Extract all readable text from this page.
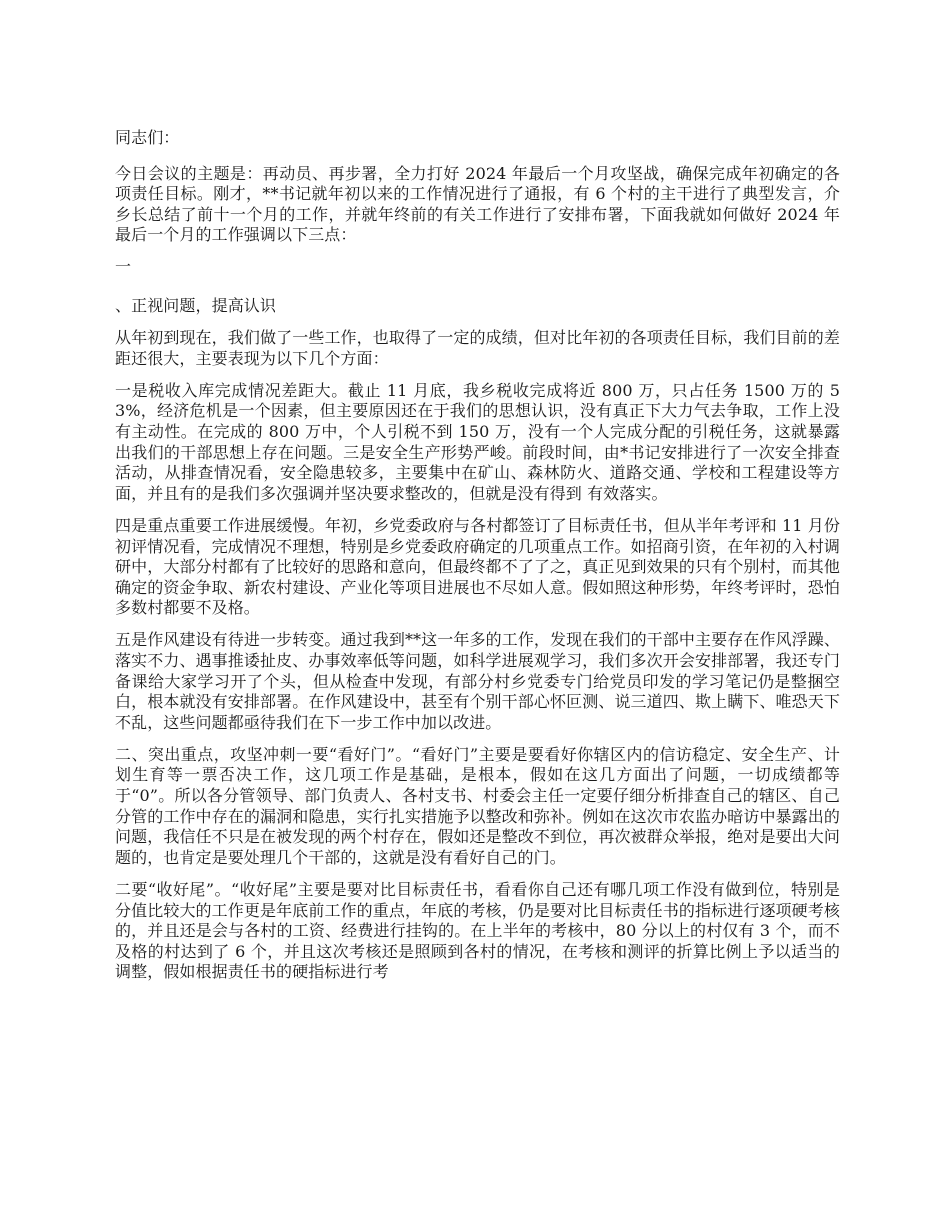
同志们：

今日会议的主题是：再动员、再步署，全力打好 2024 年最后一个月攻坚战，确保完成年初确定的各项责任目标。刚才，**书记就年初以来的工作情况进行了通报，有 6 个村的主干进行了典型发言，介乡长总结了前十一个月的工作，并就年终前的有关工作进行了安排布署，下面我就如何做好 2024 年最后一个月的工作强调以下三点：

一

、正视问题，提高认识

从年初到现在，我们做了一些工作，也取得了一定的成绩，但对比年初的各项责任目标，我们目前的差距还很大，主要表现为以下几个方面：

一是税收入库完成情况差距大。截止 11 月底，我乡税收完成将近 800 万，只占任务 1500 万的 53%，经济危机是一个因素，但主要原因还在于我们的思想认识，没有真正下大力气去争取，工作上没有主动性。在完成的 800 万中，个人引税不到 150 万，没有一个人完成分配的引税任务，这就暴露出我们的干部思想上存在问题。三是安全生产形势严峻。前段时间，由*书记安排进行了一次安全排查活动，从排查情况看，安全隐患较多，主要集中在矿山、森林防火、道路交通、学校和工程建设等方面，并且有的是我们多次强调并坚决要求整改的，但就是没有得到 有效落实。

四是重点重要工作进展缓慢。年初，乡党委政府与各村都签订了目标责任书，但从半年考评和 11 月份初评情况看，完成情况不理想，特别是乡党委政府确定的几项重点工作。如招商引资，在年初的入村调研中，大部分村都有了比较好的思路和意向，但最终都不了了之，真正见到效果的只有个别村，而其他确定的资金争取、新农村建设、产业化等项目进展也不尽如人意。假如照这种形势，年终考评时，恐怕多数村都要不及格。

五是作风建设有待进一步转变。通过我到**这一年多的工作，发现在我们的干部中主要存在作风浮躁、落实不力、遇事推诿扯皮、办事效率低等问题，如科学进展观学习，我们多次开会安排部署，我还专门备课给大家学习开了个头，但从检查中发现，有部分村乡党委专门给党员印发的学习笔记仍是整捆空白，根本就没有安排部署。在作风建设中，甚至有个别干部心怀叵测、说三道四、欺上瞒下、唯恐天下不乱，这些问题都亟待我们在下一步工作中加以改进。

二、突出重点，攻坚冲刺一要“看好门”。“看好门”主要是要看好你辖区内的信访稳定、安全生产、计划生育等一票否决工作，这几项工作是基础，是根本，假如在这几方面出了问题，一切成绩都等于“0”。所以各分管领导、部门负责人、各村支书、村委会主任一定要仔细分析排查自己的辖区、自己分管的工作中存在的漏洞和隐患，实行扎实措施予以整改和弥补。例如在这次市农监办暗访中暴露出的问题，我信任不只是在被发现的两个村存在，假如还是整改不到位，再次被群众举报，绝对是要出大问题的，也肯定是要处理几个干部的，这就是没有看好自己的门。

二要“收好尾”。“收好尾”主要是要对比目标责任书，看看你自己还有哪几项工作没有做到位，特别是分值比较大的工作更是年底前工作的重点，年底的考核，仍是要对比目标责任书的指标进行逐项硬考核的，并且还是会与各村的工资、经费进行挂钩的。在上半年的考核中，80 分以上的村仅有 3 个，而不及格的村达到了 6 个，并且这次考核还是照顾到各村的情况，在考核和测评的折算比例上予以适当的调整，假如根据责任书的硬指标进行考
